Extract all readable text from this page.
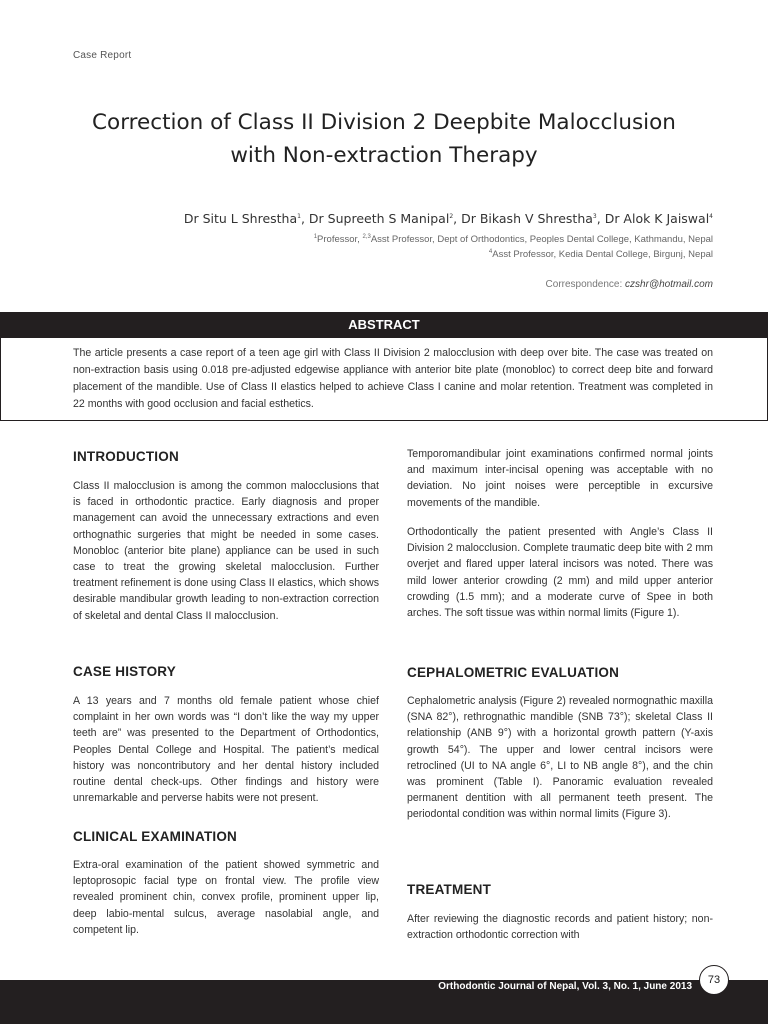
Case Report
Correction of Class II Division 2 Deepbite Malocclusion
with Non-extraction Therapy
Dr Situ L Shrestha$^1$, Dr Supreeth S Manipal$^2$, Dr Bikash V Shrestha$^3$, Dr Alok K Jaiswal$^4$
$^1$Professor, $^{2,3}$Asst Professor, Dept of Orthodontics, Peoples Dental College, Kathmandu, Nepal
$^4$Asst Professor, Kedia Dental College, Birgunj, Nepal
Correspondence: czshr@hotmail.com
ABSTRACT
The article presents a case report of a teen age girl with Class II Division 2 malocclusion with deep over bite. The case was treated on non-extraction basis using 0.018 pre-adjusted edgewise appliance with anterior bite plate (monobloc) to correct deep bite and forward placement of the mandible. Use of Class II elastics helped to achieve Class I canine and molar retention. Treatment was completed in 22 months with good occlusion and facial esthetics.
INTRODUCTION

Class II malocclusion is among the common malocclusions that is faced in orthodontic practice. Early diagnosis and proper management can avoid the unnecessary extractions and even orthognathic surgeries that might be needed in some cases. Monobloc (anterior bite plane) appliance can be used in such case to treat the growing skeletal malocclusion. Further treatment refinement is done using Class II elastics, which shows desirable mandibular growth leading to non-extraction correction of skeletal and dental Class II malocclusion.

CASE HISTORY

A 13 years and 7 months old female patient whose chief complaint in her own words was “I don’t like the way my upper teeth are” was presented to the Department of Orthodontics, Peoples Dental College and Hospital. The patient’s medical history was noncontributory and her dental history included routine dental check-ups. Other findings and history were unremarkable and perverse habits were not present.

CLINICAL EXAMINATION

Extra-oral examination of the patient showed symmetric and leptoprosopic facial type on frontal view. The profile view revealed prominent chin, convex profile, prominent upper lip, deep labio-mental sulcus, average nasolabial angle, and competent lip.

Temporomandibular joint examinations confirmed normal joints and maximum inter-incisal opening was acceptable with no deviation. No joint noises were perceptible in excursive movements of the mandible.

Orthodontically the patient presented with Angle’s Class II Division 2 malocclusion. Complete traumatic deep bite with 2 mm overjet and flared upper lateral incisors was noted. There was mild lower anterior crowding (2 mm) and mild upper anterior crowding (1.5 mm); and a moderate curve of Spee in both arches. The soft tissue was within normal limits (Figure 1).

CEPHALOMETRIC EVALUATION

Cephalometric analysis (Figure 2) revealed normognathic maxilla (SNA 82°), rethrognathic mandible (SNB 73°); skeletal Class II relationship (ANB 9°) with a horizontal growth pattern (Y-axis growth 54°). The upper and lower central incisors were retroclined (UI to NA angle 6°, LI to NB angle 8°), and the chin was prominent (Table I). Panoramic evaluation revealed permanent dentition with all permanent teeth present. The periodontal condition was within normal limits (Figure 3).

TREATMENT

After reviewing the diagnostic records and patient history; non-extraction orthodontic correction with

Orthodontic Journal of Nepal, Vol. 3, No. 1, June 2013
73
